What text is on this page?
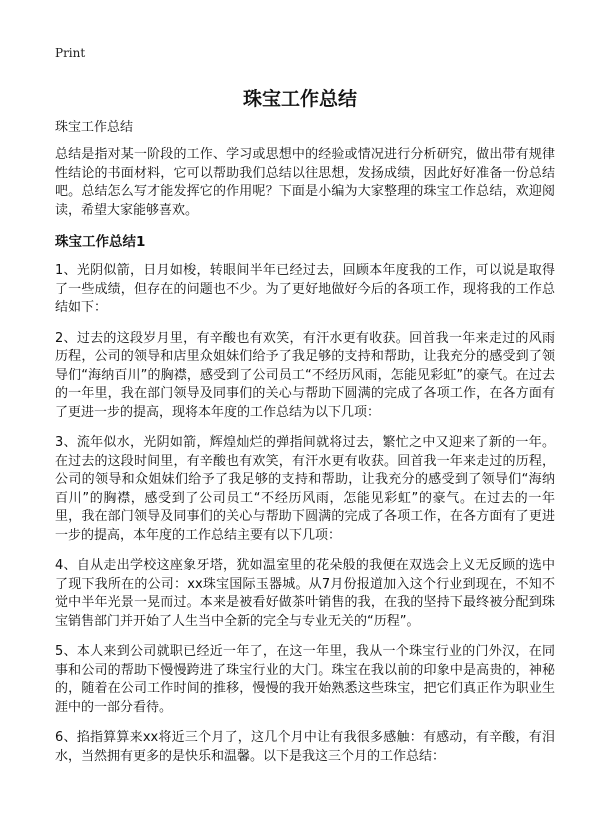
Print
珠宝工作总结

珠宝工作总结

总结是指对某一阶段的工作、学习或思想中的经验或情况进行分析研究，做出带有规律性结论的书面材料，它可以帮助我们总结以往思想，发扬成绩，因此好好准备一份总结吧。总结怎么写才能发挥它的作用呢？下面是小编为大家整理的珠宝工作总结，欢迎阅读，希望大家能够喜欢。

珠宝工作总结1

1、光阴似箭，日月如梭，转眼间半年已经过去，回顾本年度我的工作，可以说是取得了一些成绩，但存在的问题也不少。为了更好地做好今后的各项工作，现将我的工作总结如下：

2、过去的这段岁月里，有辛酸也有欢笑，有汗水更有收获。回首我一年来走过的风雨历程，公司的领导和店里众姐妹们给予了我足够的支持和帮助，让我充分的感受到了领导们“海纳百川”的胸襟，感受到了公司员工“不经历风雨，怎能见彩虹”的豪气。在过去的一年里，我在部门领导及同事们的关心与帮助下圆满的完成了各项工作，在各方面有了更进一步的提高，现将本年度的工作总结为以下几项：

3、流年似水，光阴如箭，辉煌灿烂的弹指间就将过去，繁忙之中又迎来了新的一年。在过去的这段时间里，有辛酸也有欢笑，有汗水更有收获。回首我一年来走过的历程，公司的领导和众姐妹们给予了我足够的支持和帮助，让我充分的感受到了领导们“海纳百川”的胸襟，感受到了公司员工“不经历风雨，怎能见彩虹”的豪气。在过去的一年里，我在部门领导及同事们的关心与帮助下圆满的完成了各项工作，在各方面有了更进一步的提高，本年度的工作总结主要有以下几项：

4、自从走出学校这座象牙塔，犹如温室里的花朵般的我便在双选会上义无反顾的选中了现下我所在的公司：xx珠宝国际玉器城。从7月份报道加入这个行业到现在，不知不觉中半年光景一晃而过。本来是被看好做茶叶销售的我，在我的坚持下最终被分配到珠宝销售部门并开始了人生当中全新的完全与专业无关的“历程”。

5、本人来到公司就职已经近一年了，在这一年里，我从一个珠宝行业的门外汉，在同事和公司的帮助下慢慢跨进了珠宝行业的大门。珠宝在我以前的印象中是高贵的，神秘的，随着在公司工作时间的推移，慢慢的我开始熟悉这些珠宝，把它们真正作为职业生涯中的一部分看待。

6、掐指算算来xx将近三个月了，这几个月中让有我很多感触：有感动，有辛酸，有泪水，当然拥有更多的是快乐和温馨。以下是我这三个月的工作总结：
